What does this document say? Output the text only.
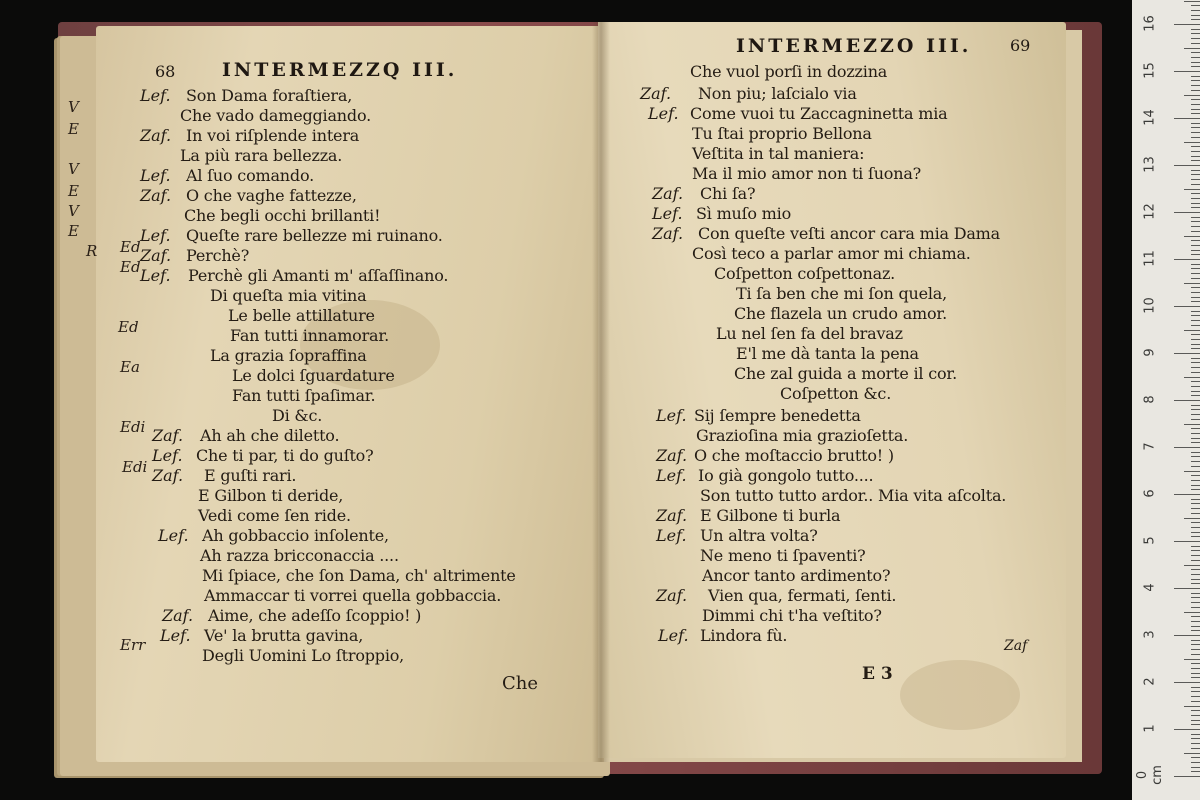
68 INTERMEZZQ III.
Lef. Son Dama foraſtiera,
Che vado dameggiando.
Zaf. In voi riſplende intera
La più rara bellezza.
Lef. Al ſuo comando.
Zaf. O che vaghe fattezze,
Che begli occhi brillanti!
Lef. Queſte rare bellezze mi ruinano.
Zaf. Perchè?
Lef. Perchè gli Amanti m' aſſaſſinano.
Di queſta mia vitina
Le belle attillature
Fan tutti innamorar.
La grazia ſopraffina
Le dolci ſguardature
Fan tutti ſpaſimar.
Di &c.
Zaf. Ah ah che diletto.
Lef. Che ti par, ti do guſto?
Zaf. E guſti rari.
E Gilbon ti deride,
Vedi come ſen ride.
Lef. Ah gobbaccio inſolente,
Ah razza bricconaccia ....
Mi ſpiace, che ſon Dama, ch' altrimente
Ammaccar ti vorrei quella gobbaccia.
Zaf. Aime, che adeſſo ſcoppio! )
Lef. Ve' la brutta gavina,
Degli Uomini Lo ſtroppio,
Che
V
E
V
E
V
E
R Ed
Ed
Ed
Ea
Edi
Edi
Err
INTERMEZZO III. 69
Che vuol porſi in dozzina
Zaf. Non piu; laſcialo via
Lef. Come vuoi tu Zaccagninetta mia
Tu ſtai proprio Bellona
Veſtita in tal maniera:
Ma il mio amor non ti ſuona?
Zaf. Chi ſa?
Lef. Sì muſo mio
Zaf. Con queſte veſti ancor cara mia Dama
Così teco a parlar amor mi chiama.
Coſpetton coſpettonaz.
Ti ſa ben che mi ſon quela,
Che flazela un crudo amor.
Lu nel ſen fa del bravaz
E'l me dà tanta la pena
Che zal guida a morte il cor.
Coſpetton &c.
Lef. Sij ſempre benedetta
Grazioſina mia grazioſetta.
Zaf. O che moſtaccio brutto! )
Lef. Io già gongolo tutto....
Son tutto tutto ardor.. Mia vita aſcolta.
Zaf. E Gilbone ti burla
Lef. Un altra volta?
Ne meno ti ſpaventi?
Ancor tanto ardimento?
Zaf. Vien qua, fermati, ſenti.
Dimmi chi t'ha veſtito?
Lef. Lindora fù.
Zaf
E 3
16
15
14
13
12
11
10
9
8
7
6
5
4
3
2
1
0 cm
